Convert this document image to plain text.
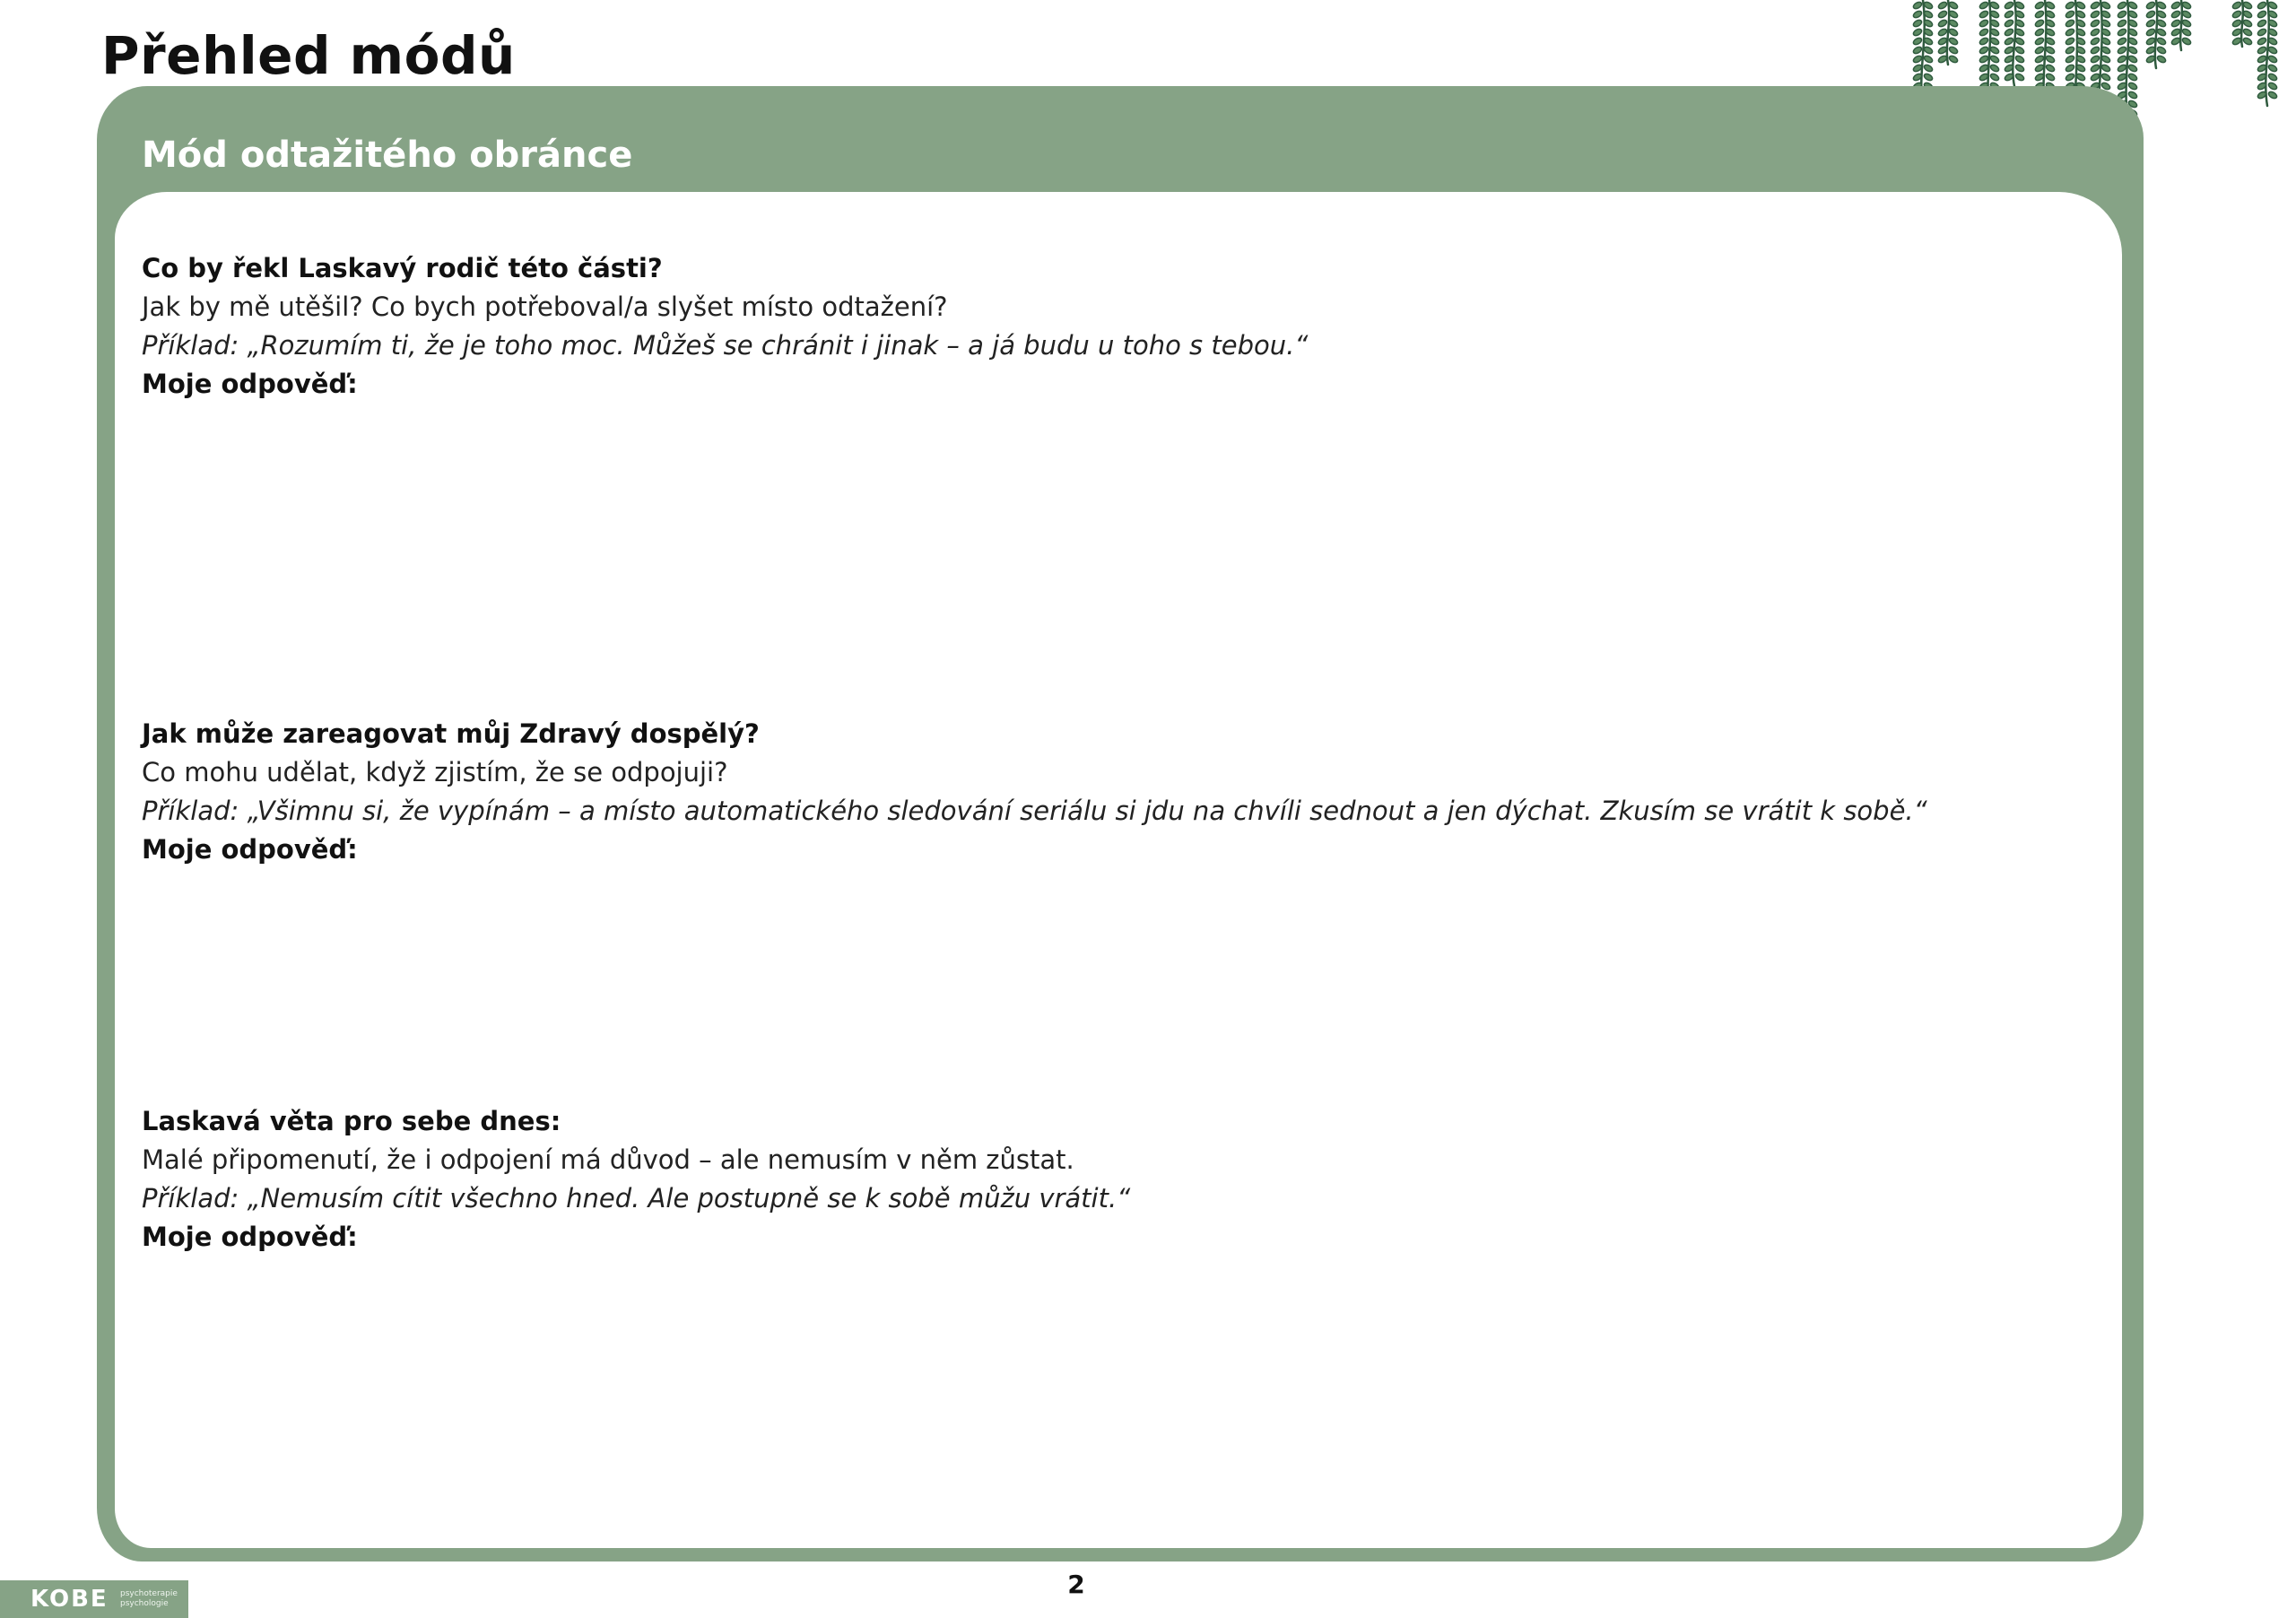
Přehled módů
Mód odtažitého obránce
Co by řekl Laskavý rodič této části?
Jak by mě utěšil? Co bych potřeboval/a slyšet místo odtažení?
Příklad: „Rozumím ti, že je toho moc. Můžeš se chránit i jinak – a já budu u toho s tebou.“
Moje odpověď:
Jak může zareagovat můj Zdravý dospělý?
Co mohu udělat, když zjistím, že se odpojuji?
Příklad: „Všimnu si, že vypínám – a místo automatického sledování seriálu si jdu na chvíli sednout a jen dýchat. Zkusím se vrátit k sobě.“
Moje odpověď:
Laskavá věta pro sebe dnes:
Malé připomenutí, že i odpojení má důvod – ale nemusím v něm zůstat.
Příklad: „Nemusím cítit všechno hned. Ale postupně se k sobě můžu vrátit.“
Moje odpověď:
2
KOBE psychoterapie
psychologie
